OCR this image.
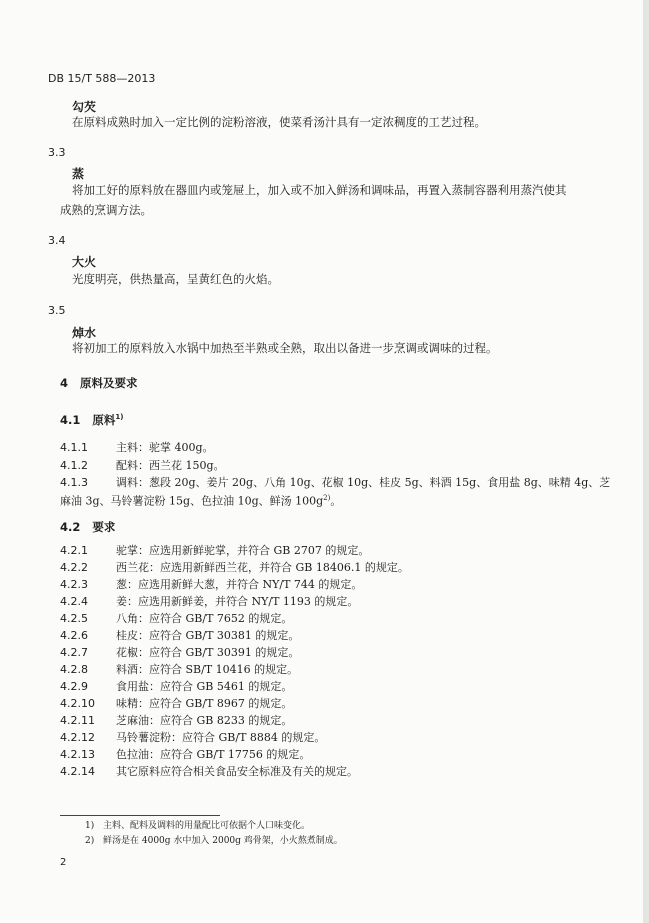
DB 15/T 588—2013
勾芡
在原料成熟时加入一定比例的淀粉溶液，使菜肴汤汁具有一定浓稠度的工艺过程。
3.3
蒸
将加工好的原料放在器皿内或笼屉上，加入或不加入鲜汤和调味品，再置入蒸制容器利用蒸汽使其
成熟的烹调方法。
3.4
大火
光度明亮，供热量高，呈黄红色的火焰。
3.5
焯水
将初加工的原料放入水锅中加热至半熟或全熟，取出以备进一步烹调或调味的过程。
4 原料及要求
4.1 原料$^{1)}$
4.1.1	主料：驼掌 400g。
4.1.2	配料：西兰花 150g。
4.1.3	调料：葱段 20g、姜片 20g、八角 10g、花椒 10g、桂皮 5g、料酒 15g、食用盐 8g、味精 4g、芝
麻油 3g、马铃薯淀粉 15g、色拉油 10g、鲜汤 $100g^{2)}$。
4.2 要求
4.2.1	驼掌：应选用新鲜驼掌，并符合 GB 2707 的规定。
4.2.2	西兰花：应选用新鲜西兰花，并符合 GB 18406.1 的规定。
4.2.3	葱：应选用新鲜大葱，并符合 NY/T 744 的规定。
4.2.4	姜：应选用新鲜姜，并符合 NY/T 1193 的规定。
4.2.5	八角：应符合 GB/T 7652 的规定。
4.2.6	桂皮：应符合 GB/T 30381 的规定。
4.2.7	花椒：应符合 GB/T 30391 的规定。
4.2.8	料酒：应符合 SB/T 10416 的规定。
4.2.9	食用盐：应符合 GB 5461 的规定。
4.2.10 味精：应符合 GB/T 8967 的规定。
4.2.11 芝麻油：应符合 GB 8233 的规定。
4.2.12 马铃薯淀粉：应符合 GB/T 8884 的规定。
4.2.13 色拉油：应符合 GB/T 17756 的规定。
4.2.14 其它原料应符合相关食品安全标准及有关的规定。
1) 主料、配料及调料的用量配比可依据个人口味变化。
2) 鲜汤是在 4000g 水中加入 2000g 鸡骨架，小火熬煮制成。
2
